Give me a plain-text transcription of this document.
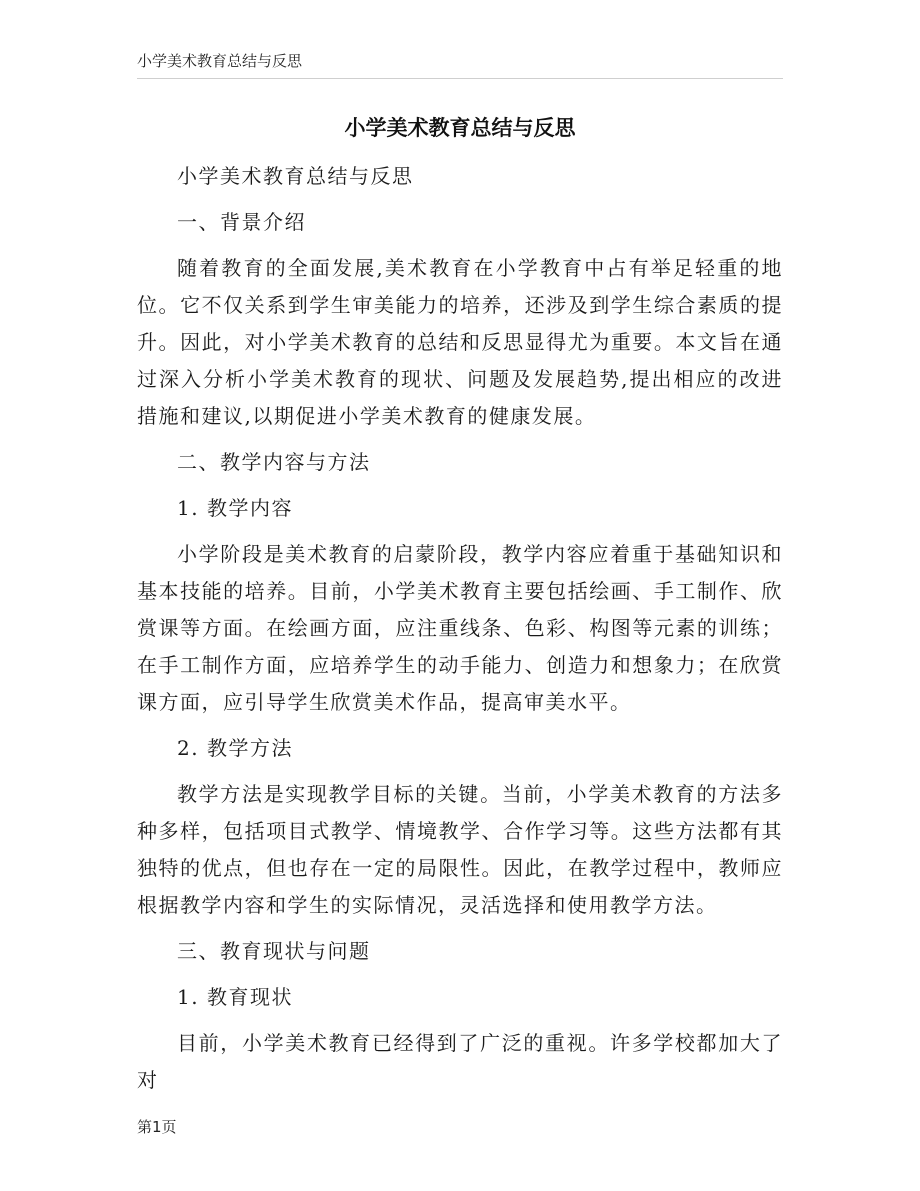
小学美术教育总结与反思
小学美术教育总结与反思

小学美术教育总结与反思

一、背景介绍

随着教育的全面发展,美术教育在小学教育中占有举足轻重的地位。它不仅关系到学生审美能力的培养，还涉及到学生综合素质的提升。因此，对小学美术教育的总结和反思显得尤为重要。本文旨在通过深入分析小学美术教育的现状、问题及发展趋势,提出相应的改进措施和建议,以期促进小学美术教育的健康发展。

二、教学内容与方法

1. 教学内容

小学阶段是美术教育的启蒙阶段，教学内容应着重于基础知识和基本技能的培养。目前，小学美术教育主要包括绘画、手工制作、欣赏课等方面。在绘画方面，应注重线条、色彩、构图等元素的训练；在手工制作方面，应培养学生的动手能力、创造力和想象力；在欣赏课方面，应引导学生欣赏美术作品，提高审美水平。

2. 教学方法

教学方法是实现教学目标的关键。当前，小学美术教育的方法多种多样，包括项目式教学、情境教学、合作学习等。这些方法都有其独特的优点，但也存在一定的局限性。因此，在教学过程中，教师应根据教学内容和学生的实际情况，灵活选择和使用教学方法。

三、教育现状与问题

1. 教育现状

目前，小学美术教育已经得到了广泛的重视。许多学校都加大了对

第1页
